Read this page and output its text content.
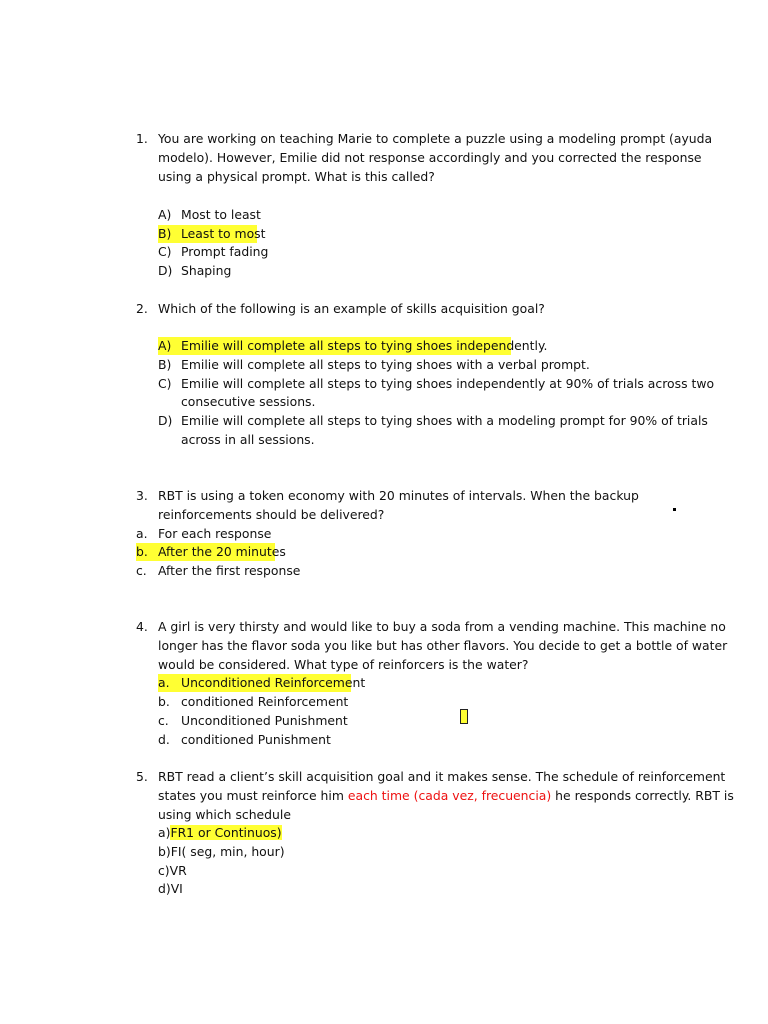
1. You are working on teaching Marie to complete a puzzle using a modeling prompt (ayuda
modelo). However, Emilie did not response accordingly and you corrected the response
using a physical prompt. What is this called?
A) Most to least
B) Least to most
C) Prompt fading
D) Shaping
2. Which of the following is an example of skills acquisition goal?
A) Emilie will complete all steps to tying shoes independently.
B) Emilie will complete all steps to tying shoes with a verbal prompt.
C) Emilie will complete all steps to tying shoes independently at 90% of trials across two
consecutive sessions.
D) Emilie will complete all steps to tying shoes with a modeling prompt for 90% of trials
across in all sessions.
3. RBT is using a token economy with 20 minutes of intervals. When the backup
reinforcements should be delivered?
a. For each response
b. After the 20 minutes
c. After the first response
4. A girl is very thirsty and would like to buy a soda from a vending machine. This machine no
longer has the flavor soda you like but has other flavors. You decide to get a bottle of water
would be considered. What type of reinforcers is the water?
a. Unconditioned Reinforcement
b. conditioned Reinforcement
c. Unconditioned Punishment
d. conditioned Punishment
5. RBT read a client’s skill acquisition goal and it makes sense. The schedule of reinforcement
states you must reinforce him each time (cada vez, frecuencia) he responds correctly. RBT is
using which schedule
a)FR1 or Continuos)
b)FI( seg, min, hour)
c)VR
d)VI
